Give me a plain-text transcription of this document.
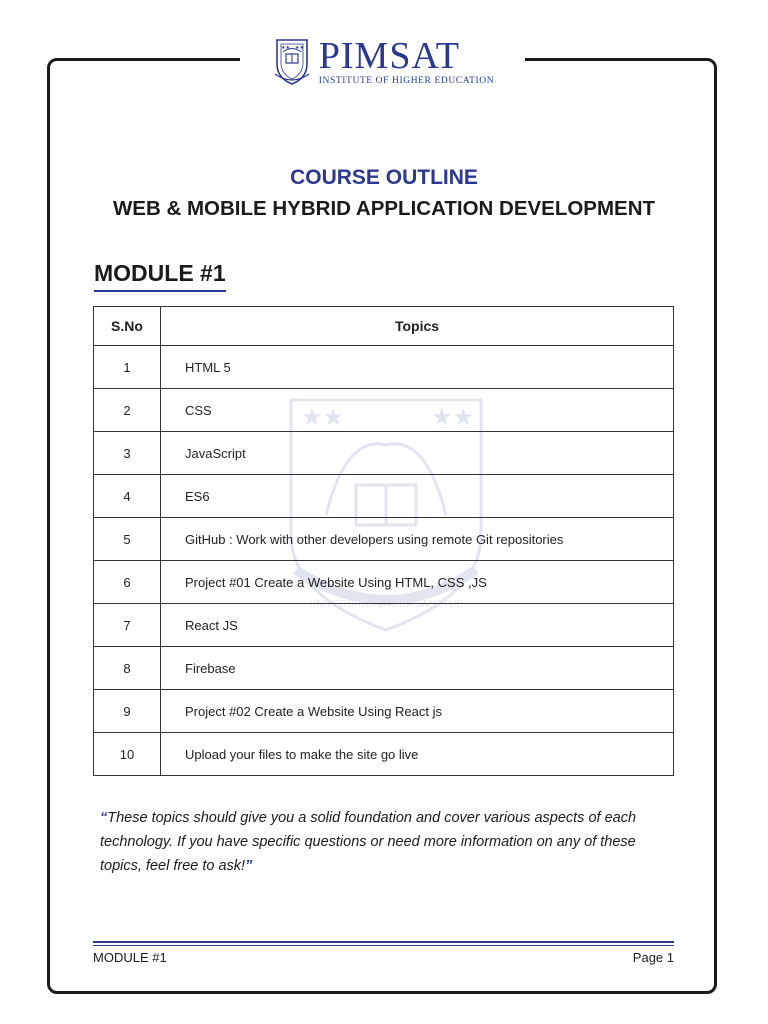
★★ ★★ PIMSAT
INSTITUTE OF HIGHER EDUCATION
COURSE OUTLINE
WEB & MOBILE HYBRID APPLICATION DEVELOPMENT
MODULE #1
★★	★★
UNIVERSITAS LITERA SANCTUS
S.No	Topics
1	HTML 5
2	CSS
3	JavaScript
4	ES6
5	GitHub : Work with other developers using remote Git repositories
6	Project #01 Create a Website Using HTML, CSS ,JS
7	React JS
8	Firebase
9	Project #02 Create a Website Using React js
10	Upload your files to make the site go live
“These topics should give you a solid foundation and cover various aspects of each technology. If you have specific questions or need more information on any of these topics, feel free to ask!”
MODULE #1	Page 1
